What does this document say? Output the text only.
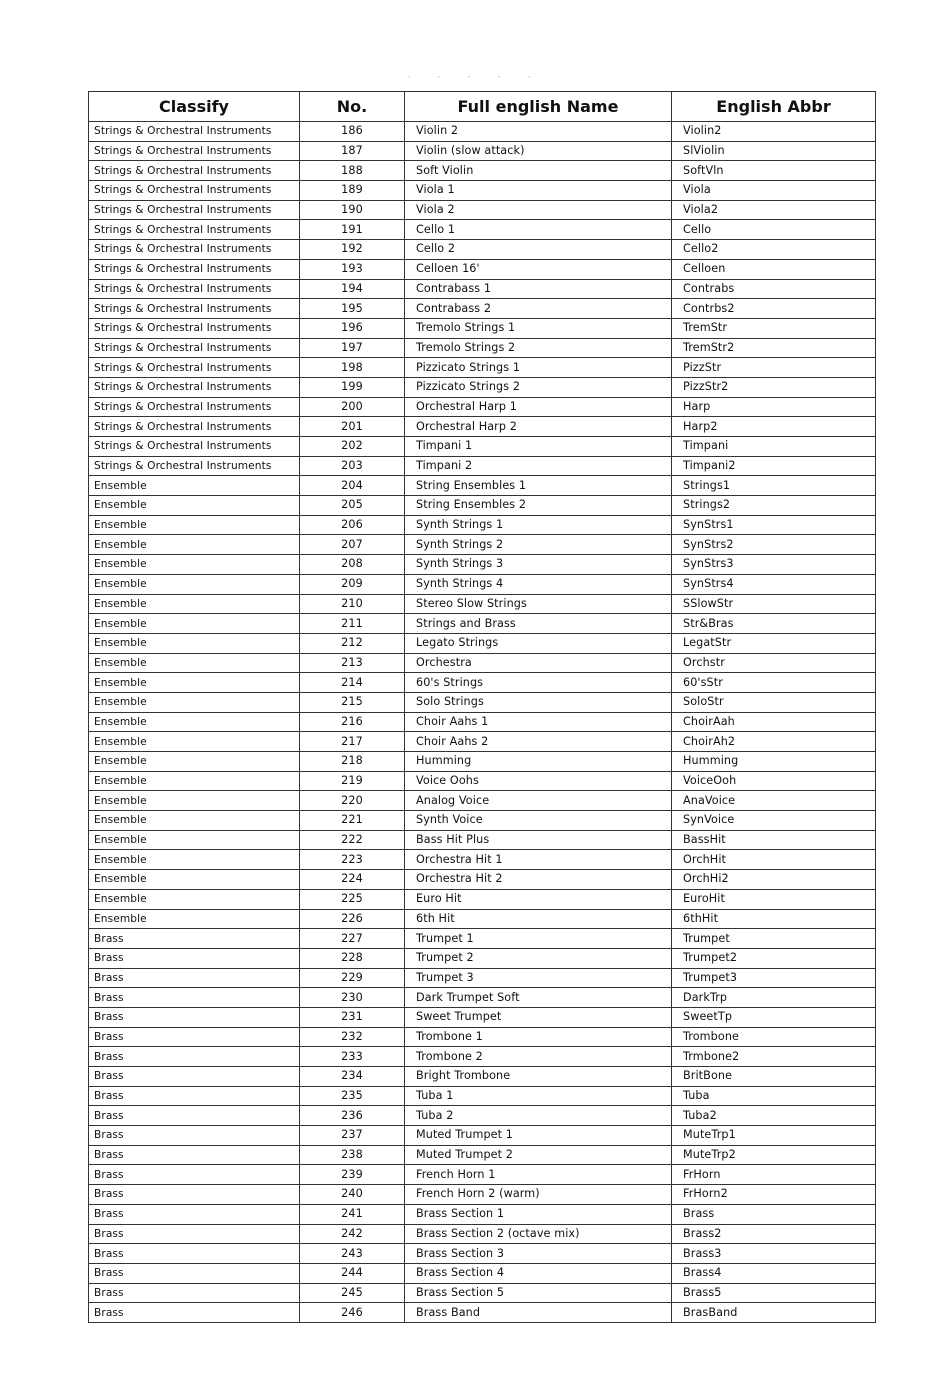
- - - - -
Classify	No.	Full english Name	English Abbr
Strings & Orchestral Instruments	186	Violin 2	Violin2
Strings & Orchestral Instruments	187	Violin (slow attack)	SlViolin
Strings & Orchestral Instruments	188	Soft Violin	SoftVln
Strings & Orchestral Instruments	189	Viola 1	Viola
Strings & Orchestral Instruments	190	Viola 2	Viola2
Strings & Orchestral Instruments	191	Cello 1	Cello
Strings & Orchestral Instruments	192	Cello 2	Cello2
Strings & Orchestral Instruments	193	Celloen 16'	Celloen
Strings & Orchestral Instruments	194	Contrabass 1	Contrabs
Strings & Orchestral Instruments	195	Contrabass 2	Contrbs2
Strings & Orchestral Instruments	196	Tremolo Strings 1	TremStr
Strings & Orchestral Instruments	197	Tremolo Strings 2	TremStr2
Strings & Orchestral Instruments	198	Pizzicato Strings 1	PizzStr
Strings & Orchestral Instruments	199	Pizzicato Strings 2	PizzStr2
Strings & Orchestral Instruments	200	Orchestral Harp 1	Harp
Strings & Orchestral Instruments	201	Orchestral Harp 2	Harp2
Strings & Orchestral Instruments	202	Timpani 1	Timpani
Strings & Orchestral Instruments	203	Timpani 2	Timpani2
Ensemble	204	String Ensembles 1	Strings1
Ensemble	205	String Ensembles 2	Strings2
Ensemble	206	Synth Strings 1	SynStrs1
Ensemble	207	Synth Strings 2	SynStrs2
Ensemble	208	Synth Strings 3	SynStrs3
Ensemble	209	Synth Strings 4	SynStrs4
Ensemble	210	Stereo Slow Strings	SSlowStr
Ensemble	211	Strings and Brass	Str&Bras
Ensemble	212	Legato Strings	LegatStr
Ensemble	213	Orchestra	Orchstr
Ensemble	214	60's Strings	60'sStr
Ensemble	215	Solo Strings	SoloStr
Ensemble	216	Choir Aahs 1	ChoirAah
Ensemble	217	Choir Aahs 2	ChoirAh2
Ensemble	218	Humming	Humming
Ensemble	219	Voice Oohs	VoiceOoh
Ensemble	220	Analog Voice	AnaVoice
Ensemble	221	Synth Voice	SynVoice
Ensemble	222	Bass Hit Plus	BassHit
Ensemble	223	Orchestra Hit 1	OrchHit
Ensemble	224	Orchestra Hit 2	OrchHi2
Ensemble	225	Euro Hit	EuroHit
Ensemble	226	6th Hit	6thHit
Brass	227	Trumpet 1	Trumpet
Brass	228	Trumpet 2	Trumpet2
Brass	229	Trumpet 3	Trumpet3
Brass	230	Dark Trumpet Soft	DarkTrp
Brass	231	Sweet Trumpet	SweetTp
Brass	232	Trombone 1	Trombone
Brass	233	Trombone 2	Trmbone2
Brass	234	Bright Trombone	BritBone
Brass	235	Tuba 1	Tuba
Brass	236	Tuba 2	Tuba2
Brass	237	Muted Trumpet 1	MuteTrp1
Brass	238	Muted Trumpet 2	MuteTrp2
Brass	239	French Horn 1	FrHorn
Brass	240	French Horn 2 (warm)	FrHorn2
Brass	241	Brass Section 1	Brass
Brass	242	Brass Section 2 (octave mix)	Brass2
Brass	243	Brass Section 3	Brass3
Brass	244	Brass Section 4	Brass4
Brass	245	Brass Section 5	Brass5
Brass	246	Brass Band	BrasBand
